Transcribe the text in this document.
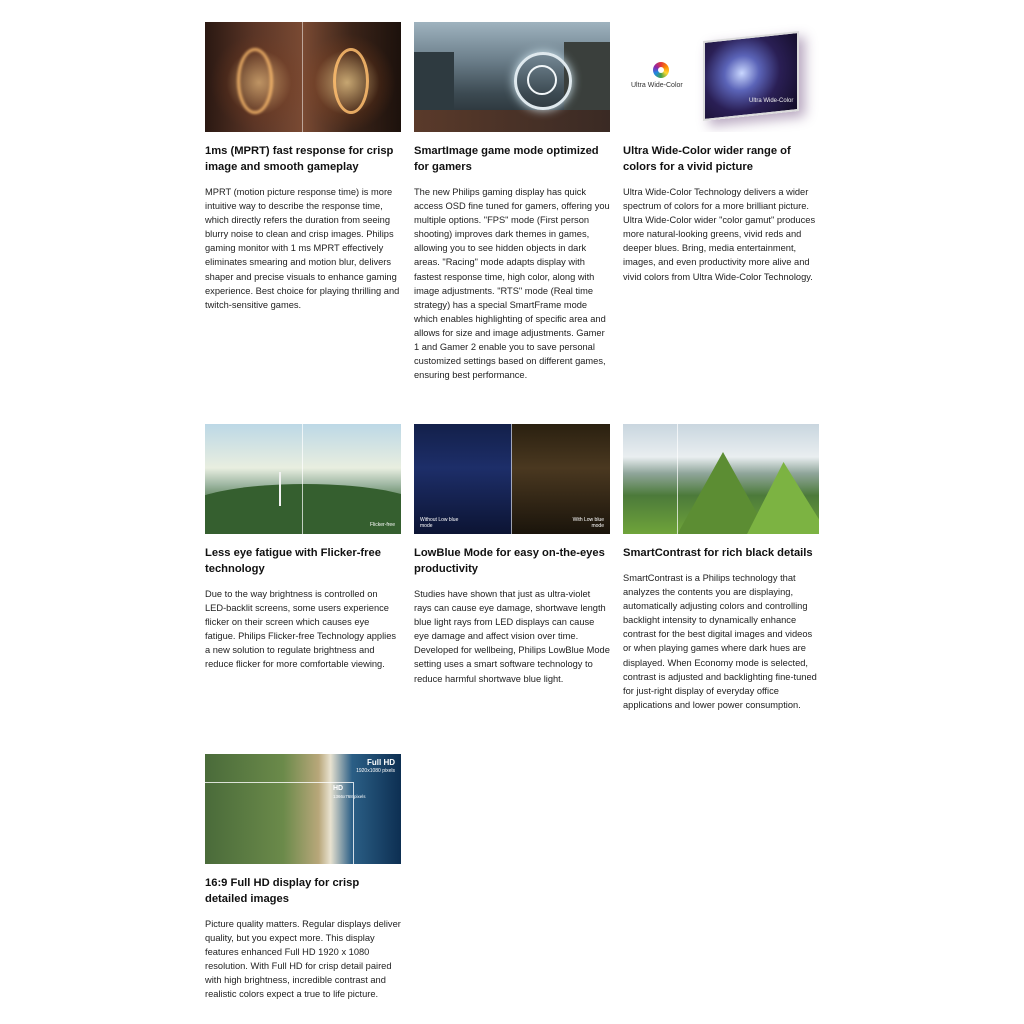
1ms (MPRT) fast response for crisp image and smooth gameplay

MPRT (motion picture response time) is more intuitive way to describe the response time, which directly refers the duration from seeing blurry noise to clean and crisp images. Philips gaming monitor with 1 ms MPRT effectively eliminates smearing and motion blur, delivers shaper and precise visuals to enhance gaming experience. Best choice for playing thrilling and twitch-sensitive games.

SmartImage game mode optimized for gamers

The new Philips gaming display has quick access OSD fine tuned for gamers, offering you multiple options. "FPS" mode (First person shooting) improves dark themes in games, allowing you to see hidden objects in dark areas. "Racing" mode adapts display with fastest response time, high color, along with image adjustments. "RTS" mode (Real time strategy) has a special SmartFrame mode which enables highlighting of specific area and allows for size and image adjustments. Gamer 1 and Gamer 2 enable you to save personal customized settings based on different games, ensuring best performance.

Ultra Wide-Color
Ultra Wide-Color
Ultra Wide-Color wider range of colors for a vivid picture

Ultra Wide-Color Technology delivers a wider spectrum of colors for a more brilliant picture. Ultra Wide-Color wider "color gamut" produces more natural-looking greens, vivid reds and deeper blues. Bring, media entertainment, images, and even productivity more alive and vivid colors from Ultra Wide-Color Technology.

Flicker-free
Less eye fatigue with Flicker-free technology

Due to the way brightness is controlled on LED-backlit screens, some users experience flicker on their screen which causes eye fatigue. Philips Flicker-free Technology applies a new solution to regulate brightness and reduce flicker for more comfortable viewing.

Without Low blue mode
With Low blue mode
LowBlue Mode for easy on-the-eyes productivity

Studies have shown that just as ultra-violet rays can cause eye damage, shortwave length blue light rays from LED displays can cause eye damage and affect vision over time. Developed for wellbeing, Philips LowBlue Mode setting uses a smart software technology to reduce harmful shortwave blue light.

SmartContrast for rich black details

SmartContrast is a Philips technology that analyzes the contents you are displaying, automatically adjusting colors and controlling backlight intensity to dynamically enhance contrast for the best digital images and videos or when playing games where dark hues are displayed. When Economy mode is selected, contrast is adjusted and backlighting fine-tuned for just-right display of everyday office applications and lower power consumption.

Full HD
1920x1080 pixels
HD
1366x768 pixels
16:9 Full HD display for crisp detailed images

Picture quality matters. Regular displays deliver quality, but you expect more. This display features enhanced Full HD 1920 x 1080 resolution. With Full HD for crisp detail paired with high brightness, incredible contrast and realistic colors expect a true to life picture.
